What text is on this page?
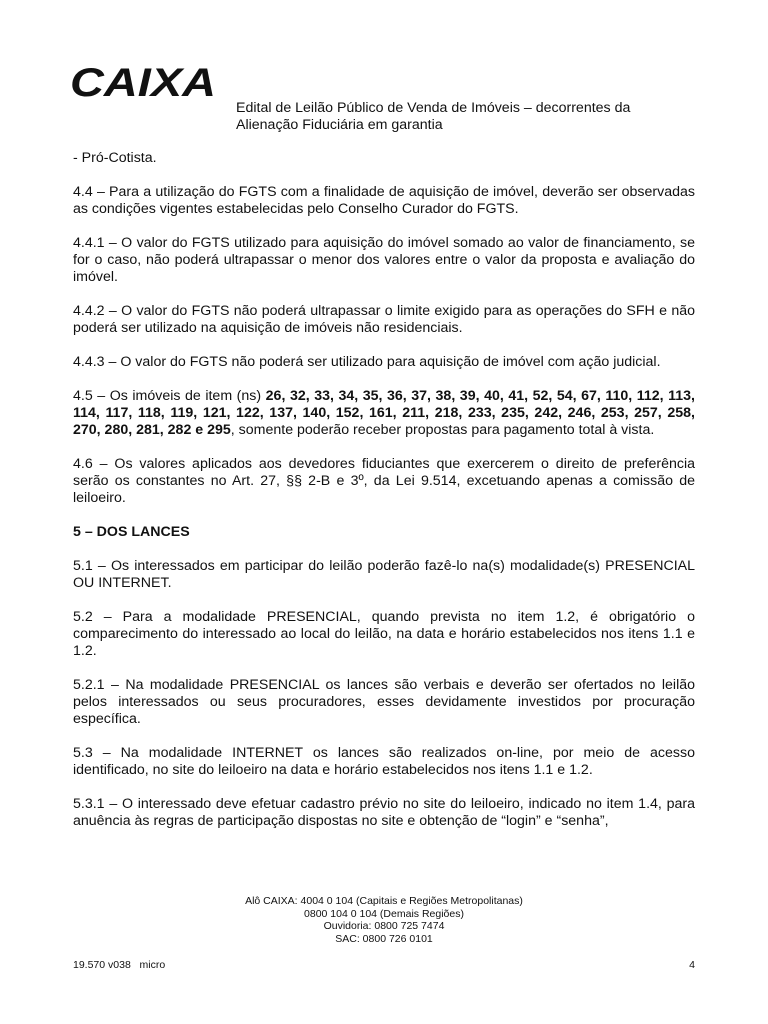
CAIXA
Edital de Leilão Público de Venda de Imóveis – decorrentes da
Alienação Fiduciária em garantia

- Pró-Cotista.

4.4 – Para a utilização do FGTS com a finalidade de aquisição de imóvel, deverão ser observadas as condições vigentes estabelecidas pelo Conselho Curador do FGTS.

4.4.1 – O valor do FGTS utilizado para aquisição do imóvel somado ao valor de financiamento, se for o caso, não poderá ultrapassar o menor dos valores entre o valor da proposta e avaliação do imóvel.

4.4.2 – O valor do FGTS não poderá ultrapassar o limite exigido para as operações do SFH e não poderá ser utilizado na aquisição de imóveis não residenciais.

4.4.3 – O valor do FGTS não poderá ser utilizado para aquisição de imóvel com ação judicial.

4.5 – Os imóveis de item (ns) 26, 32, 33, 34, 35, 36, 37, 38, 39, 40, 41, 52, 54, 67, 110, 112, 113, 114, 117, 118, 119, 121, 122, 137, 140, 152, 161, 211, 218, 233, 235, 242, 246, 253, 257, 258, 270, 280, 281, 282 e 295, somente poderão receber propostas para pagamento total à vista.

4.6 – Os valores aplicados aos devedores fiduciantes que exercerem o direito de preferência serão os constantes no Art. 27, §§ 2-B e 3º, da Lei 9.514, excetuando apenas a comissão de leiloeiro.

5 – DOS LANCES

5.1 – Os interessados em participar do leilão poderão fazê-lo na(s) modalidade(s) PRESENCIAL OU INTERNET.

5.2 – Para a modalidade PRESENCIAL, quando prevista no item 1.2, é obrigatório o comparecimento do interessado ao local do leilão, na data e horário estabelecidos nos itens 1.1 e 1.2.

5.2.1 – Na modalidade PRESENCIAL os lances são verbais e deverão ser ofertados no leilão pelos interessados ou seus procuradores, esses devidamente investidos por procuração específica.

5.3 – Na modalidade INTERNET os lances são realizados on-line, por meio de acesso identificado, no site do leiloeiro na data e horário estabelecidos nos itens 1.1 e 1.2.

5.3.1 – O interessado deve efetuar cadastro prévio no site do leiloeiro, indicado no item 1.4, para anuência às regras de participação dispostas no site e obtenção de “login” e “senha”,

Alô CAIXA: 4004 0 104 (Capitais e Regiões Metropolitanas)
0800 104 0 104 (Demais Regiões)
Ouvidoria: 0800 725 7474
SAC: 0800 726 0101
19.570 v038   micro	4
